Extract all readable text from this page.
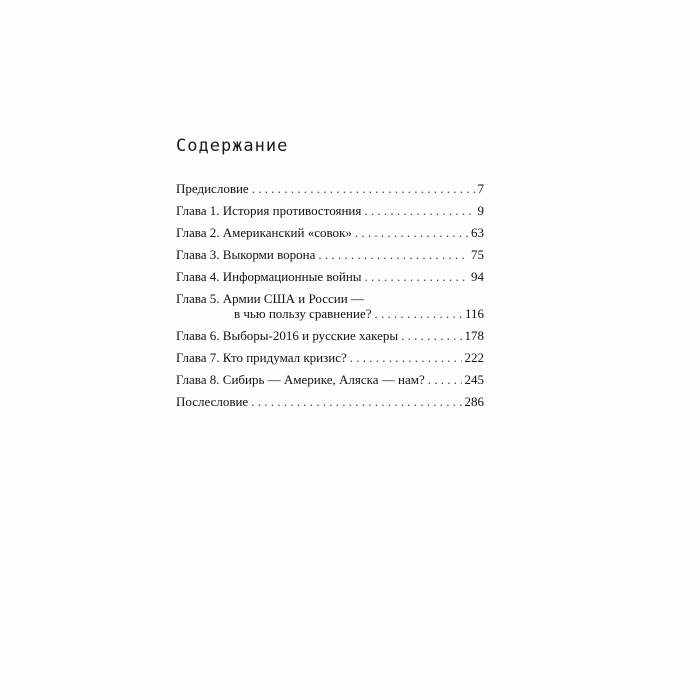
Содержание
Предисловие . . .	7
Глава 1. История противостояния . . .	9
Глава 2. Американский «совок» . . .	63
Глава 3. Выкорми ворона . . .	75
Глава 4. Информационные войны . . .	94
Глава 5. Армии США и России —
в чью пользу сравнение? . . .	116
Глава 6. Выборы-2016 и русские хакеры . . .	178
Глава 7. Кто придумал кризис? . . .	222
Глава 8. Сибирь — Америке, Аляска — нам? . . .	245
Послесловие . . .	286
